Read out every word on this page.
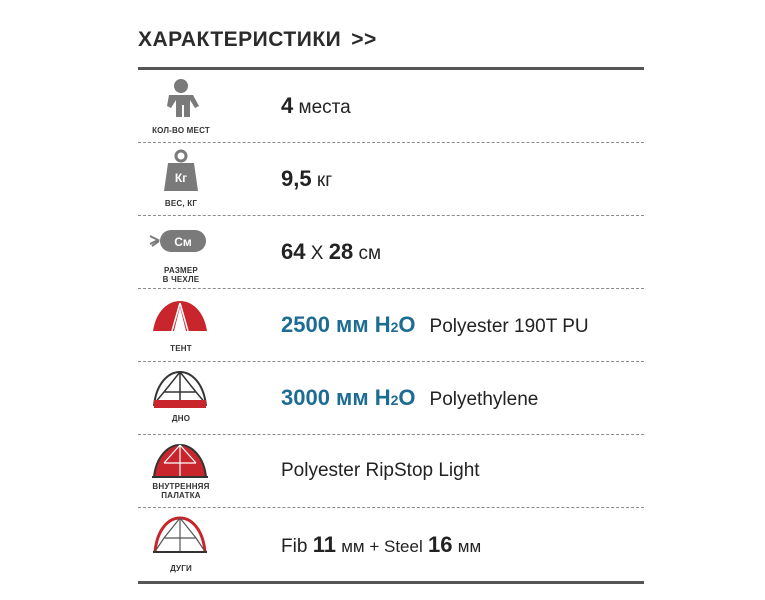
ХАРАКТЕРИСТИКИ >>
КОЛ-ВО МЕСТ
4 места
Кг
ВЕС, КГ
9,5 кг
См
РАЗМЕР
В ЧЕХЛЕ
64 X 28 см
ТЕНТ
2500 мм H2O Polyester 190T PU
ДНО
3000 мм H2O Polyethylene
ВНУТРЕННЯЯ
ПАЛАТКА
Polyester RipStop Light
ДУГИ
Fib 11 мм + Steel 16 мм
